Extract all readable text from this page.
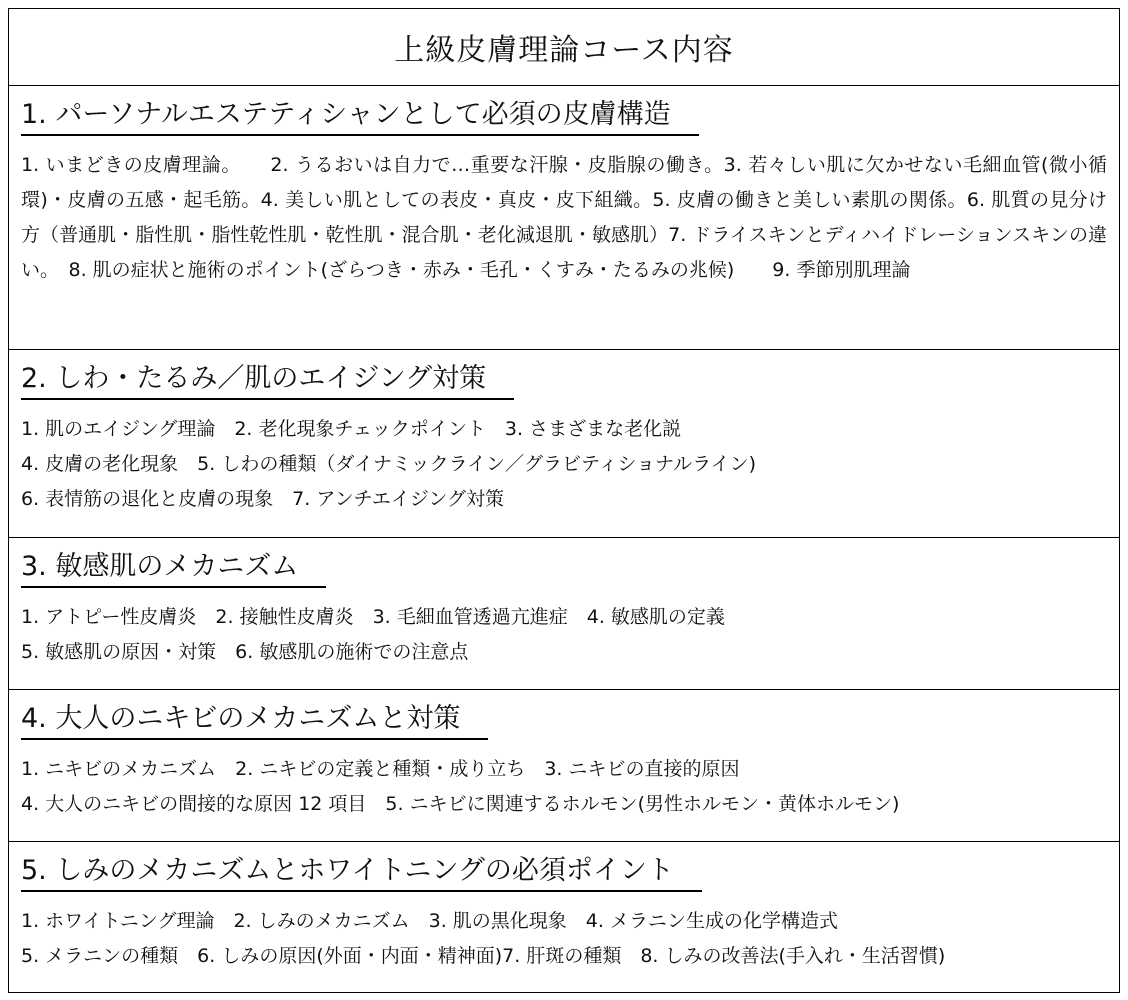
上級皮膚理論コース内容
1. パーソナルエステティシャンとして必須の皮膚構造
1. いまどきの皮膚理論。　　2. うるおいは自力で…重要な汗腺・皮脂腺の働き。3. 若々しい肌に欠かせない毛細血管(微小循環)・皮膚の五感・起毛筋。4. 美しい肌としての表皮・真皮・皮下組織。5. 皮膚の働きと美しい素肌の関係。6. 肌質の見分け方（普通肌・脂性肌・脂性乾性肌・乾性肌・混合肌・老化減退肌・敏感肌）7. ドライスキンとディハイドレーションスキンの違い。　8. 肌の症状と施術のポイント(ざらつき・赤み・毛孔・くすみ・たるみの兆候)　　9. 季節別肌理論
2. しわ・たるみ／肌のエイジング対策
1. 肌のエイジング理論　2. 老化現象チェックポイント　3. さまざまな老化説
4. 皮膚の老化現象　5. しわの種類（ダイナミックライン／グラビティショナルライン)
6. 表情筋の退化と皮膚の現象　7. アンチエイジング対策
3. 敏感肌のメカニズム
1. アトピー性皮膚炎　2. 接触性皮膚炎　3. 毛細血管透過亢進症　4. 敏感肌の定義
5. 敏感肌の原因・対策　6. 敏感肌の施術での注意点
4. 大人のニキビのメカニズムと対策
1. ニキビのメカニズム　2. ニキビの定義と種類・成り立ち　3. ニキビの直接的原因
4. 大人のニキビの間接的な原因 12 項目　5. ニキビに関連するホルモン(男性ホルモン・黄体ホルモン)
5. しみのメカニズムとホワイトニングの必須ポイント
1. ホワイトニング理論　2. しみのメカニズム　3. 肌の黒化現象　4. メラニン生成の化学構造式
5. メラニンの種類　6. しみの原因(外面・内面・精神面)7. 肝斑の種類　8. しみの改善法(手入れ・生活習慣)
